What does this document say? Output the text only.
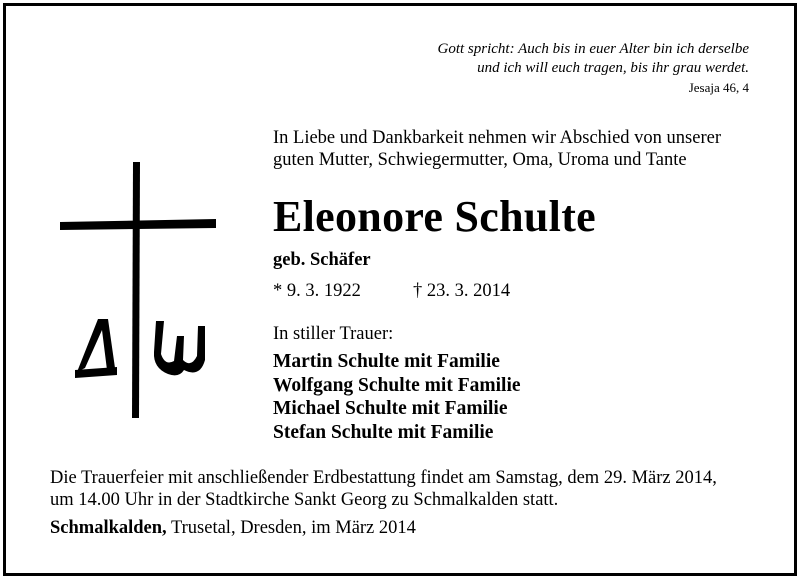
Gott spricht: Auch bis in euer Alter bin ich derselbe
und ich will euch tragen, bis ihr grau werdet.
Jesaja 46, 4
In Liebe und Dankbarkeit nehmen wir Abschied von unserer
guten Mutter, Schwiegermutter, Oma, Uroma und Tante
Eleonore Schulte
geb. Schäfer
* 9. 3. 1922	† 23. 3. 2014
In stiller Trauer:
Martin Schulte mit Familie
Wolfgang Schulte mit Familie
Michael Schulte mit Familie
Stefan Schulte mit Familie
Die Trauerfeier mit anschließender Erdbestattung findet am Samstag, dem 29. März 2014,
um 14.00 Uhr in der Stadtkirche Sankt Georg zu Schmalkalden statt.
Schmalkalden, Trusetal, Dresden, im März 2014
